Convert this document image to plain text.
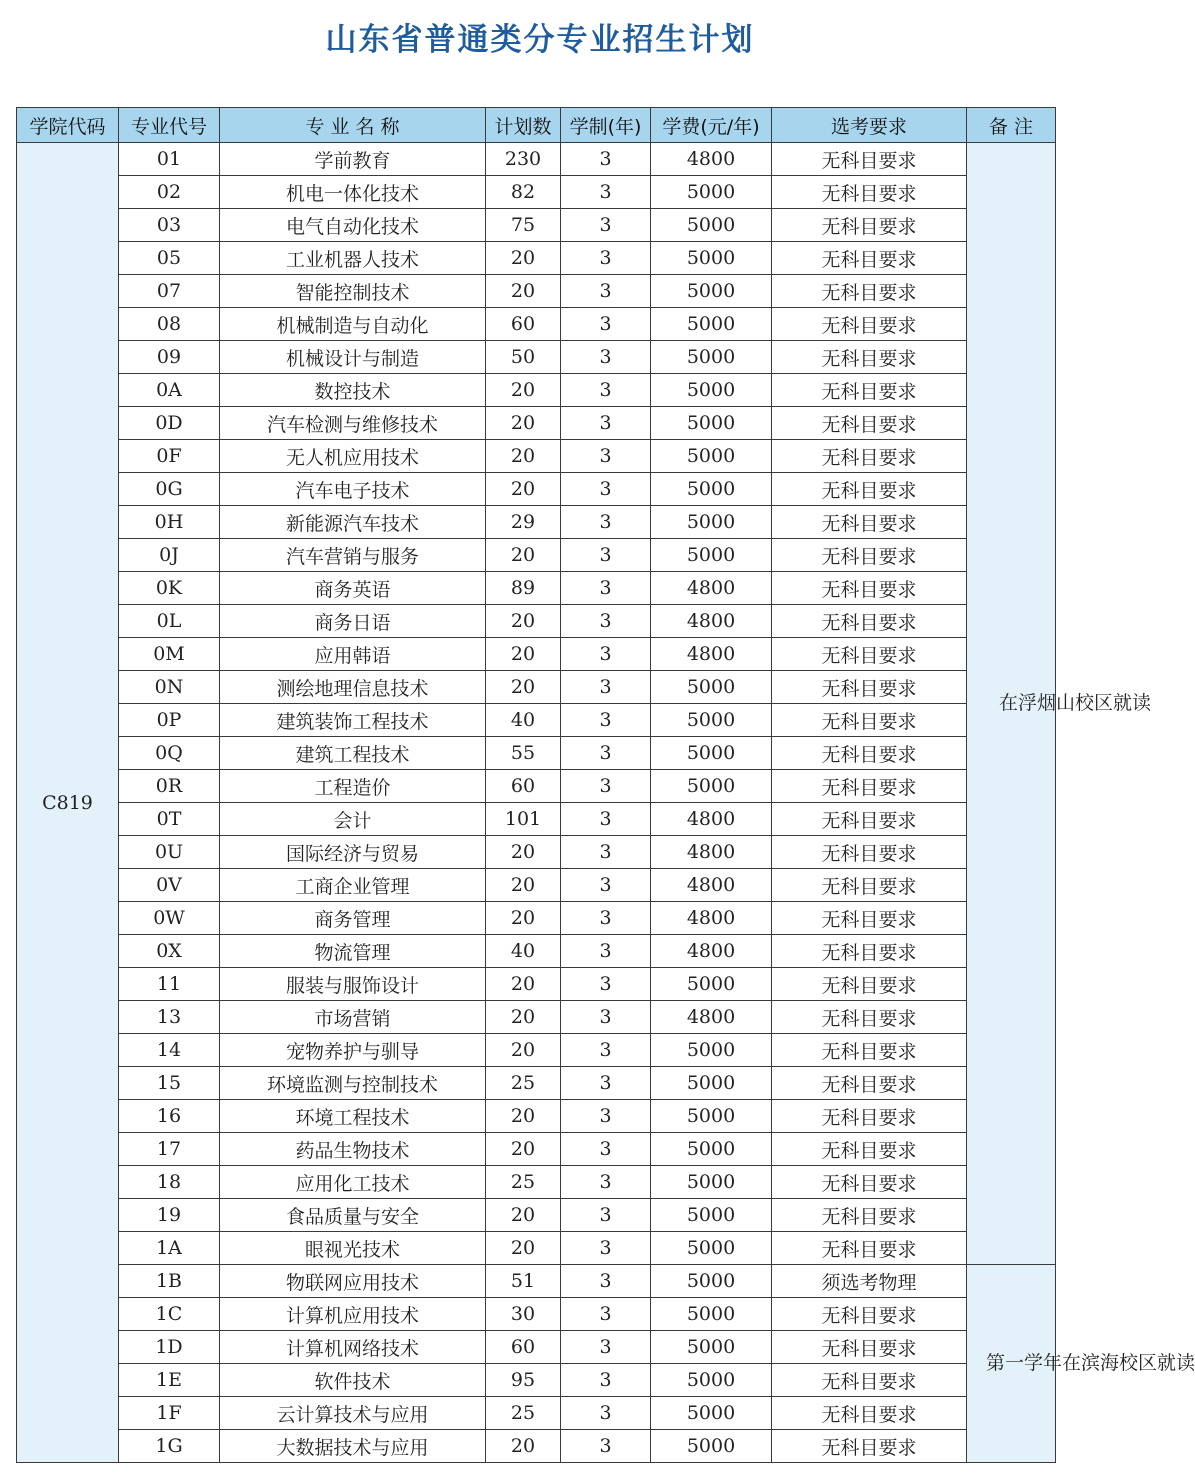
山东省普通类分专业招生计划
学院代码	专业代号	专 业 名 称	计划数	学制(年)	学费(元/年)	选考要求	备 注
C819	01	学前教育	230	3	4800	无科目要求	在浮烟山校区就读
	02	机电一体化技术	82	3	5000	无科目要求	
	03	电气自动化技术	75	3	5000	无科目要求	
	05	工业机器人技术	20	3	5000	无科目要求	
	07	智能控制技术	20	3	5000	无科目要求	
	08	机械制造与自动化	60	3	5000	无科目要求	
	09	机械设计与制造	50	3	5000	无科目要求	
	0A	数控技术	20	3	5000	无科目要求	
	0D	汽车检测与维修技术	20	3	5000	无科目要求	
	0F	无人机应用技术	20	3	5000	无科目要求	
	0G	汽车电子技术	20	3	5000	无科目要求	
	0H	新能源汽车技术	29	3	5000	无科目要求	
	0J	汽车营销与服务	20	3	5000	无科目要求	
	0K	商务英语	89	3	4800	无科目要求	
	0L	商务日语	20	3	4800	无科目要求	
	0M	应用韩语	20	3	4800	无科目要求	
	0N	测绘地理信息技术	20	3	5000	无科目要求	
	0P	建筑装饰工程技术	40	3	5000	无科目要求	
	0Q	建筑工程技术	55	3	5000	无科目要求	
	0R	工程造价	60	3	5000	无科目要求	
	0T	会计	101	3	4800	无科目要求	
	0U	国际经济与贸易	20	3	4800	无科目要求	
	0V	工商企业管理	20	3	4800	无科目要求	
	0W	商务管理	20	3	4800	无科目要求	
	0X	物流管理	40	3	4800	无科目要求	
	11	服装与服饰设计	20	3	5000	无科目要求	
	13	市场营销	20	3	4800	无科目要求	
	14	宠物养护与驯导	20	3	5000	无科目要求	
	15	环境监测与控制技术	25	3	5000	无科目要求	
	16	环境工程技术	20	3	5000	无科目要求	
	17	药品生物技术	20	3	5000	无科目要求	
	18	应用化工技术	25	3	5000	无科目要求	
	19	食品质量与安全	20	3	5000	无科目要求	
	1A	眼视光技术	20	3	5000	无科目要求	
	1B	物联网应用技术	51	3	5000	须选考物理	第一学年在滨海校区就读
	1C	计算机应用技术	30	3	5000	无科目要求	
	1D	计算机网络技术	60	3	5000	无科目要求	
	1E	软件技术	95	3	5000	无科目要求	
	1F	云计算技术与应用	25	3	5000	无科目要求	
	1G	大数据技术与应用	20	3	5000	无科目要求	
